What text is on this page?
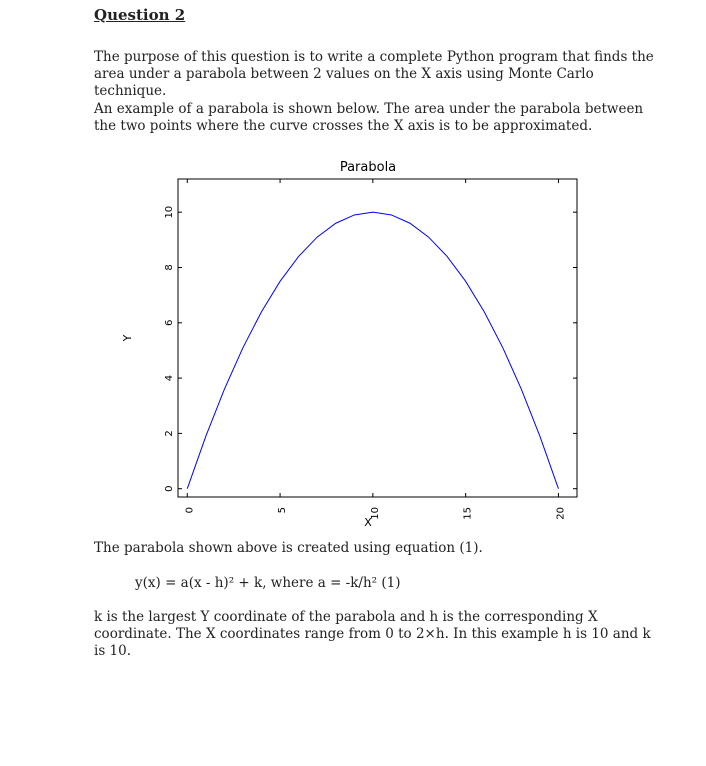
Question 2

The purpose of this question is to write a complete Python program that finds the area under a parabola between 2 values on the X axis using Monte Carlo technique.

An example of a parabola is shown below. The area under the parabola between the two points where the curve crosses the X axis is to be approximated.

Parabola
0	5	10	15	20
0
2
4
6
8
10
X
Y

The parabola shown above is created using equation (1).

y(x) = a(x - h)² + k, where a = -k/h² (1)

k is the largest Y coordinate of the parabola and h is the corresponding X coordinate. The X coordinates range from 0 to 2×h. In this example h is 10 and k is 10.
